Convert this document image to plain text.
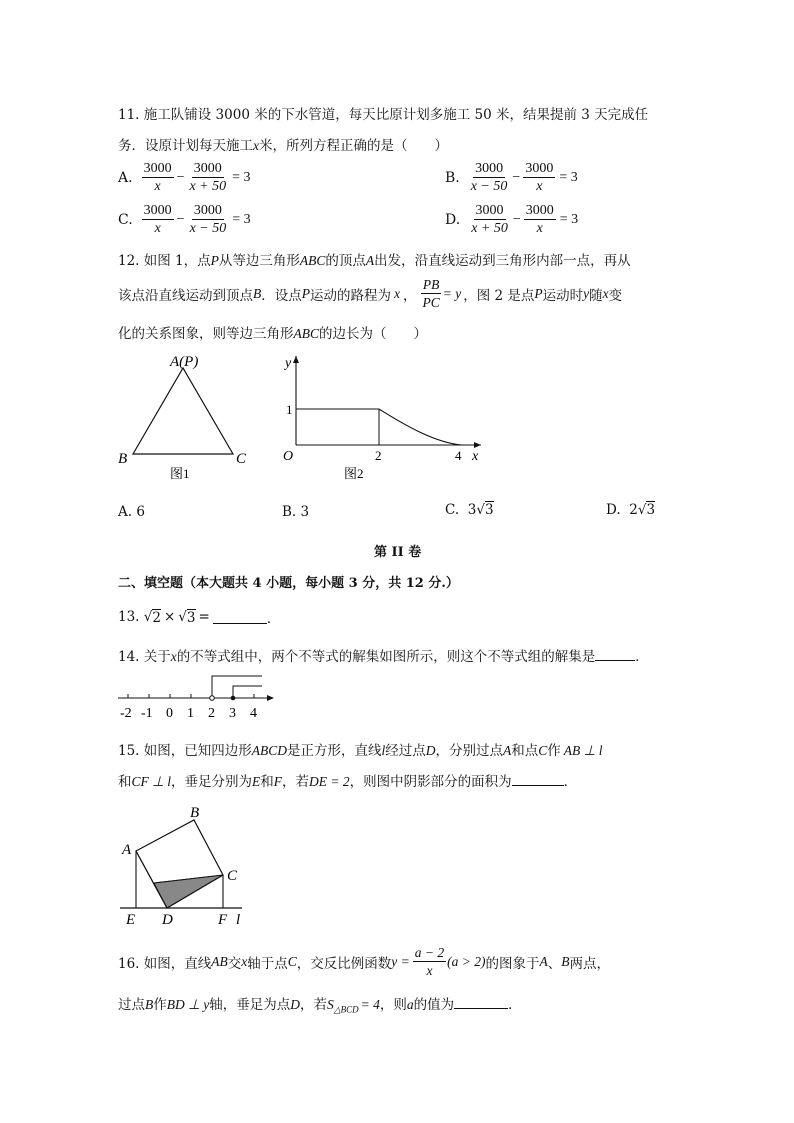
11. 施工队铺设 3000 米的下水管道，每天比原计划多施工 50 米，结果提前 3 天完成任
务．设原计划每天施工x米，所列方程正确的是（　　）
A. $\frac{3000}{x} - \frac{3000}{x + 50} = 3$	B. $\frac{3000}{x - 50} - \frac{3000}{x} = 3$
C. $\frac{3000}{x} - \frac{3000}{x - 50} = 3$	D. $\frac{3000}{x + 50} - \frac{3000}{x} = 3$
12. 如图 1，点P从等边三角形ABC的顶点A出发，沿直线运动到三角形内部一点，再从
该点沿直线运动到顶点 B ．设点 P 运动的路程为 x ， $\frac{PB}{PC} = y$ ，图 2 是点 P 运动时 y 随 x 变
化的关系图象，则等边三角形ABC的边长为（　　）
A(P)
B	C
图1
y
x
O
1
2	4
图2
A. 6	B. 3	C. 3√3	D. 2√3
第 II 卷
二、填空题（本大题共 4 小题，每小题 3 分，共 12 分.）
13.
√ 2 × √ 3 =	．
14. 关于x的不等式组中，两个不等式的解集如图所示，则这个不等式组的解集是	．
-2 -1 0 1 2 3 4
15. 如图，已知四边形ABCD是正方形，直线l经过点D，分别过点A和点C作 AB ⊥ l
和CF ⊥ l，垂足分别为E和F，若DE = 2，则图中阴影部分的面积为	．
A
B
C
D
E	F l
16. 如图，直线 AB 交 x 轴于点 C ，交反比例函数 $y = \frac{a - 2}{x} (a > 2)$ 的图象于 A 、 B 两点，
过点B作BD ⊥ y轴，垂足为点D，若$S_{\triangle BCD} = 4$，则a的值为	．
